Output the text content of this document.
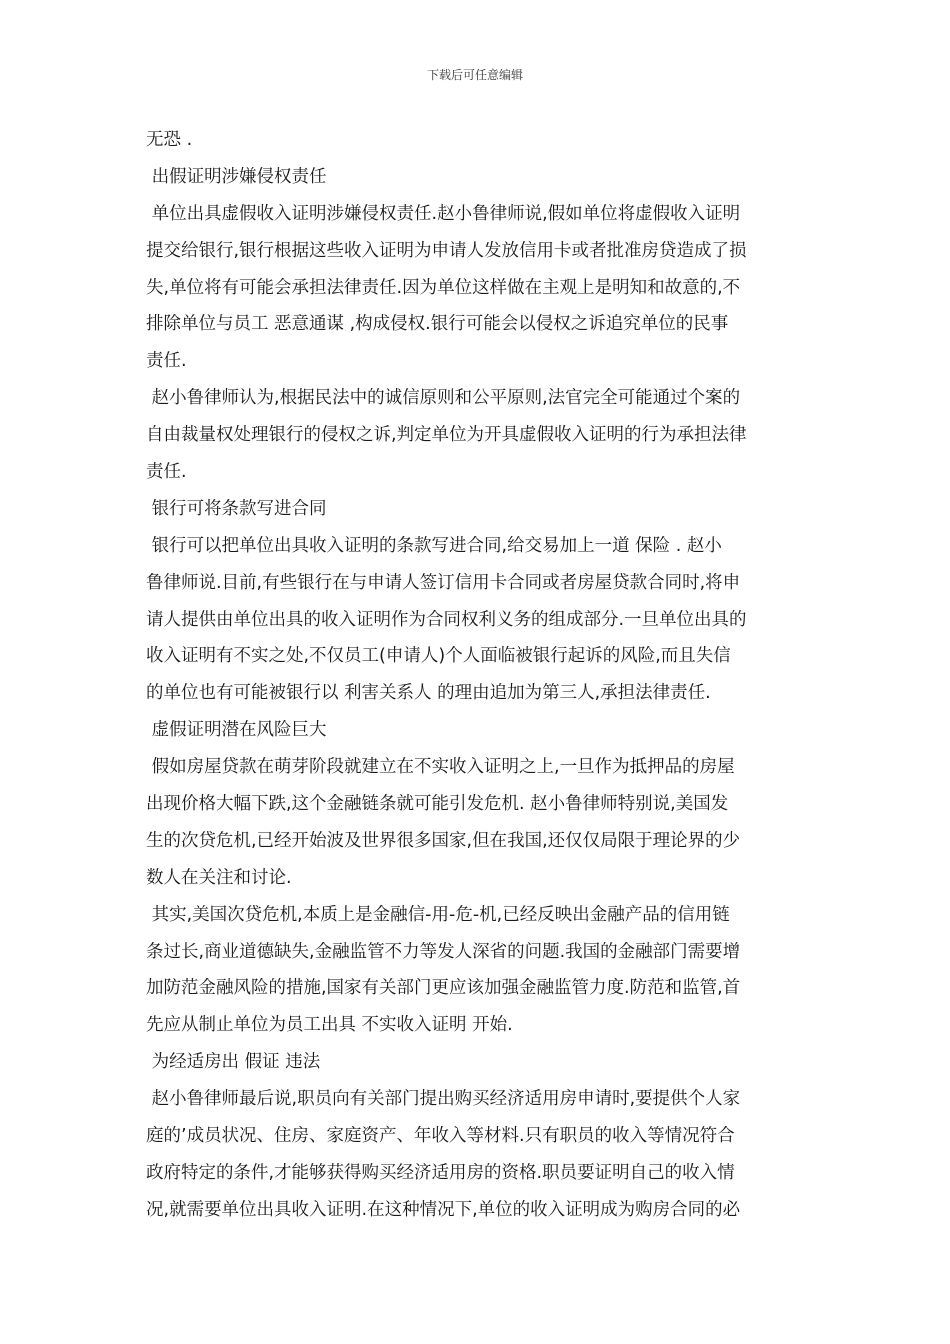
下载后可任意编辑
无恐 .
出假证明涉嫌侵权责任
单位出具虚假收入证明涉嫌侵权责任.赵小鲁律师说,假如单位将虚假收入证明
提交给银行,银行根据这些收入证明为申请人发放信用卡或者批准房贷造成了损
失,单位将有可能会承担法律责任.因为单位这样做在主观上是明知和故意的,不
排除单位与员工 恶意通谋 ,构成侵权.银行可能会以侵权之诉追究单位的民事
责任.
赵小鲁律师认为,根据民法中的诚信原则和公平原则,法官完全可能通过个案的
自由裁量权处理银行的侵权之诉,判定单位为开具虚假收入证明的行为承担法律
责任.
银行可将条款写进合同
银行可以把单位出具收入证明的条款写进合同,给交易加上一道 保险 . 赵小
鲁律师说.目前,有些银行在与申请人签订信用卡合同或者房屋贷款合同时,将申
请人提供由单位出具的收入证明作为合同权利义务的组成部分.一旦单位出具的
收入证明有不实之处,不仅员工(申请人)个人面临被银行起诉的风险,而且失信
的单位也有可能被银行以 利害关系人 的理由追加为第三人,承担法律责任.
虚假证明潜在风险巨大
假如房屋贷款在萌芽阶段就建立在不实收入证明之上,一旦作为抵押品的房屋
出现价格大幅下跌,这个金融链条就可能引发危机. 赵小鲁律师特别说,美国发
生的次贷危机,已经开始波及世界很多国家,但在我国,还仅仅局限于理论界的少
数人在关注和讨论.
其实,美国次贷危机,本质上是金融信-用-危-机,已经反映出金融产品的信用链
条过长,商业道德缺失,金融监管不力等发人深省的问题.我国的金融部门需要增
加防范金融风险的措施,国家有关部门更应该加强金融监管力度.防范和监管,首
先应从制止单位为员工出具 不实收入证明 开始.
为经适房出 假证 违法
赵小鲁律师最后说,职员向有关部门提出购买经济适用房申请时,要提供个人家
庭的’成员状况、住房、家庭资产、年收入等材料.只有职员的收入等情况符合
政府特定的条件,才能够获得购买经济适用房的资格.职员要证明自己的收入情
况,就需要单位出具收入证明.在这种情况下,单位的收入证明成为购房合同的必
